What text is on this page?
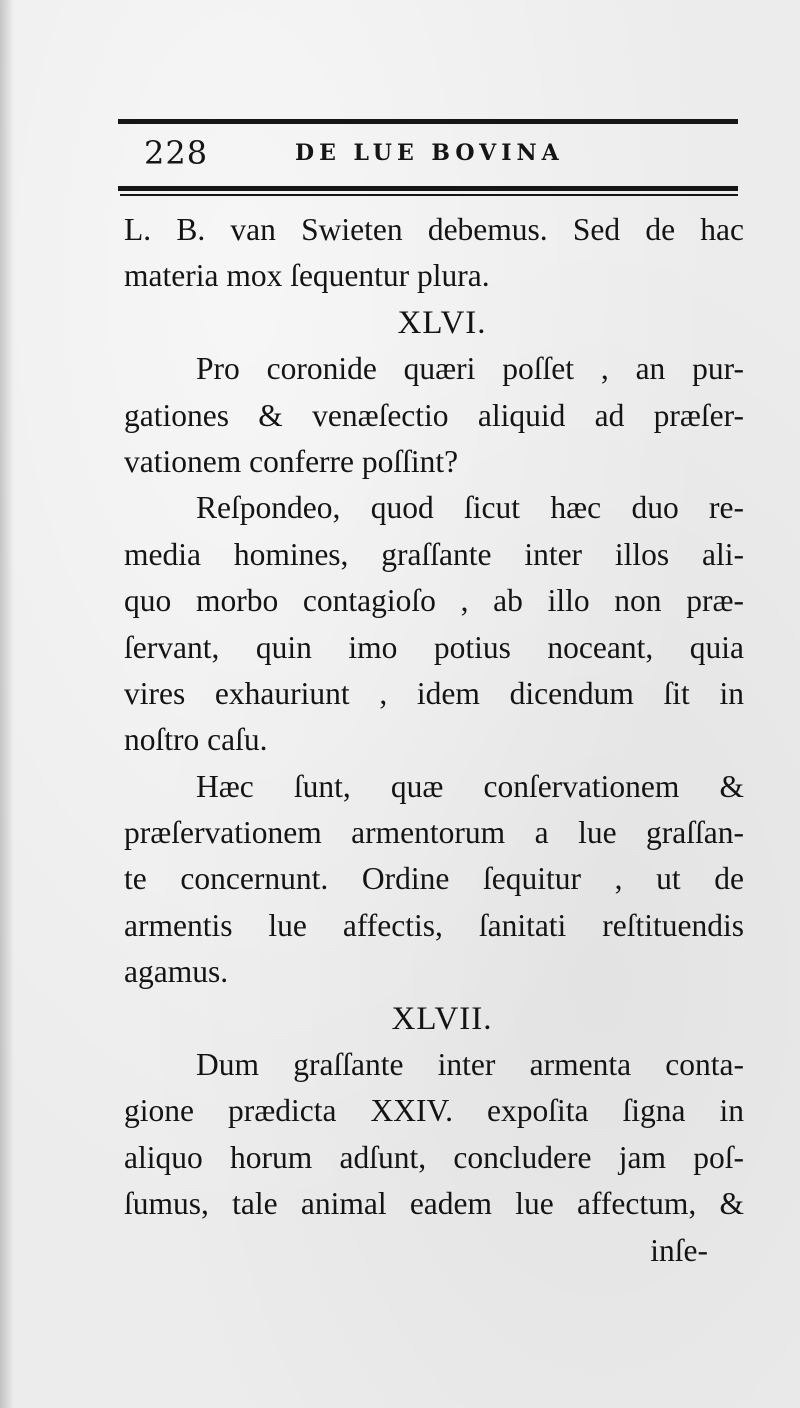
228	DE LUE BOVINA
L. B. van Swieten debemus. Sed de hac
materia mox ſequentur plura.
XLVI.
Pro coronide quæri poſſet , an pur-
gationes & venæſectio aliquid ad præſer-
vationem conferre poſſint?
Reſpondeo, quod ſicut hæc duo re-
media homines, graſſante inter illos ali-
quo morbo contagioſo , ab illo non præ-
ſervant, quin imo potius noceant, quia
vires exhauriunt , idem dicendum ſit in
noſtro caſu.
Hæc ſunt, quæ conſervationem &
præſervationem armentorum a lue graſſan-
te concernunt. Ordine ſequitur , ut de
armentis lue affectis, ſanitati reſtituendis
agamus.
XLVII.
Dum graſſante inter armenta conta-
gione prædicta XXIV. expoſita ſigna in
aliquo horum adſunt, concludere jam poſ-
ſumus, tale animal eadem lue affectum, &
inſe-
